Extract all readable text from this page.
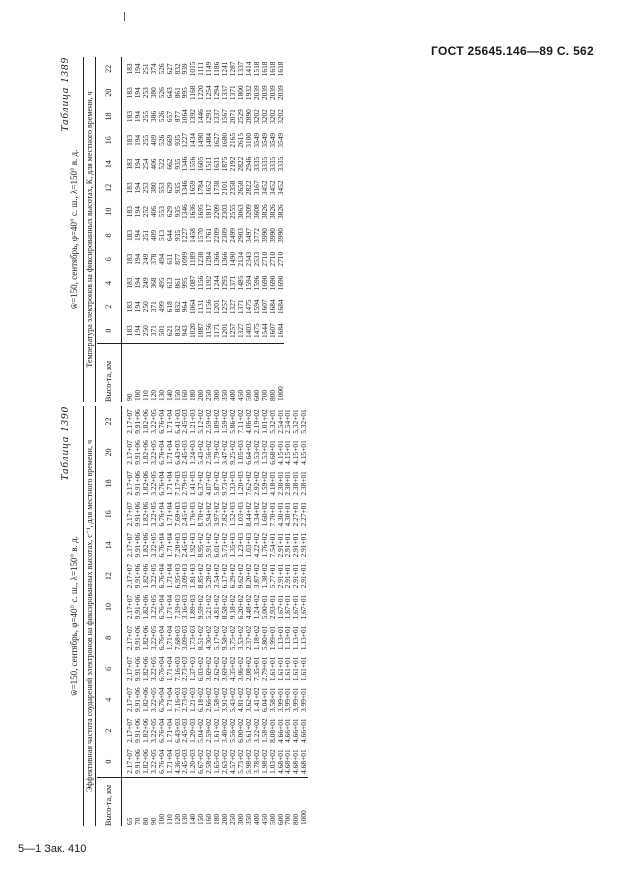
ГОСТ 25645.146—89 С. 562
Таблица 1389
w̄=150, сентябрь, φ=40° с. ш., λ=150° в. д. Температура электронов на фиксированных высотах, К, для местного времени, ч
Высо-та, км	0	2	4	6	8	10	12	14	16	18	20	22
90	183	183	183	183	183	183	183	183	183	183	183	183
100	194	194	194	194	194	194	194	194	194	194	194	194
110	250	250	249	249	251	252	253	254	255	255	253	251
120	371	371	368	378	409	406	380	406	409	386	380	374
130	501	499	495	494	513	553	553	522	526	526	526	526
140	621	618	613	611	644	629	629	662	669	657	643	627
150	832	832	861	877	935	935	935	935	935	877	861	832
160	943	964	995	1099	1227	1346	1346	1346	1227	1064	995	939
180	1020	1064	1087	1189	1458	1636	1659	1556	1434	1392	1168	1015
200	1087	1131	1156	1238	1570	1695	1784	1605	1490	1446	1220	1111
250	1156	1156	1192	1284	1761	1817	1652	1511	1484	1291	1254	1149
300	1171	1201	1244	1366	2209	2209	1738	1631	1627	1337	1294	1186
350	1201	1257	1295	1366	2309	2303	2101	1875	1680	1567	1337	1241
400	1257	1327	1371	1490	2499	2555	2358	2192	2165	2071	1371	1287
450	1327	1371	1485	2134	2903	3063	2658	2822	2615	2529	1800	1337
500	1403	1475	1594	2343	3497	3209	2822	2946	3100	2890	1932	1414
600	1475	1594	1596	2533	3772	3608	3167	3335	3549	3202	2039	1518
700	1544	1607	1690	2710	3990	3826	3452	3335	3549	3202	2039	1618
800	1607	1684	1690	2710	3990	3826	3452	3335	3549	3202	2039	1618
1000	1684	1684	1690	2710	3990	3826	3452	3335	3549	3202	2039	1618
Таблица 1390
w̄=150, сентябрь, φ=40° с. ш., λ=150° в. д. Эффективная частота соударений электронов на фиксированных высотах, с⁻¹, для местного времени, ч
Высо-та, км	0	2	4	6	8	10	12	14	16	18	20	22
65	2.17+07	2.17+07	2.17+07	2.17+07	2.17+07	2.17+07	2.17+07	2.17+07	2.17+07	2.17+07	2.17+07	2.17+07
70	9.91+06	9.91+06	9.91+06	9.91+06	9.91+06	9.91+06	9.91+06	9.91+06	9.91+06	9.91+06	9.91+06	9.91+06
80	1.82+06	1.82+06	1.82+06	1.82+06	1.82+06	1.82+06	1.82+06	1.82+06	1.82+06	1.82+06	1.82+06	1.82+06
90	3.22+05	3.22+05	3.22+05	3.22+05	3.22+05	3.22+05	3.22+05	3.22+05	3.22+05	3.22+05	3.22+05	3.22+05
100	6.76+04	6.76+04	6.76+04	6.76+04	6.76+04	6.76+04	6.76+04	6.76+04	6.76+04	6.76+04	6.76+04	6.76+04
110	1.71+04	1.71+04	1.71+04	1.71+04	1.71+04	1.71+04	1.71+04	1.71+04	1.71+04	1.71+04	1.71+04	1.71+04
120	4.36+03	6.43+03	7.16+03	7.16+03	7.68+03	7.19+03	6.95+03	7.20+03	7.69+03	7.17+03	6.43+03	6.41+03
130	2.45+03	2.45+03	2.73+03	2.73+03	3.09+03	3.16+03	3.09+03	2.45+03	2.45+03	2.79+03	2.45+03	2.45+03
140	1.20+03	1.20+03	1.21+03	1.37+03	1.73+03	1.89+03	1.81+03	1.92+03	1.76+03	1.41+03	1.24+03	1.21+03
150	6.67+02	5.04+02	6.18+02	6.03+02	8.51+02	9.59+02	8.85+02	8.95+02	8.70+02	6.37+02	5.43+02	5.12+02
160	2.58+02	2.59+02	2.66+02	3.69+02	4.30+02	5.21+02	5.28+02	5.91+02	5.94+02	4.07+02	2.56+02	2.59+02
180	1.65+02	1.61+02	1.58+02	2.62+02	5.17+02	4.81+02	3.54+02	6.01+02	3.97+02	5.87+02	1.79+02	1.89+02
200	2.63+02	3.40+02	3.91+02	3.69+02	9.58+02	8.58+02	6.17+02	5.73+02	7.82+02	9.73+02	3.47+02	1.59+02
250	4.57+02	5.56+02	5.43+02	4.35+02	5.75+02	9.18+02	6.29+02	1.35+03	1.52+03	1.33+03	9.25+02	5.86+02
300	5.73+02	6.00+02	4.81+02	3.06+02	3.53+02	6.20+02	9.62+02	1.23+03	1.03+03	1.20+03	1.05+03	7.11+02
350	5.98+02	5.61+02	3.62+02	2.08+02	2.37+02	4.48+02	8.20+02	1.03+03	8.44+02	7.62+02	6.64+02	4.06+02
400	3.78+02	3.22+02	1.41+02	7.35+01	1.18+02	1.24+02	3.87+02	4.22+02	3.34+02	2.92+02	3.53+02	2.19+02
450	1.98+02	1.58+02	6.04+01	2.79+01	5.80+01	5.00+01	1.38+02	1.76+02	1.60+02	1.59+02	1.53+02	1.01+02
500	1.03+02	8.08+01	3.58+01	1.61+01	1.99+01	2.93+01	5.77+01	7.54+01	7.70+01	4.18+01	6.68+01	5.32+01
600	4.68+01	4.66+01	3.99+01	1.61+01	1.13+01	1.67+01	2.91+01	2.91+01	4.30+01	2.38+01	4.15+01	2.54+01
700	4.68+01	4.66+01	3.99+01	1.61+01	1.13+01	1.67+01	2.91+01	2.91+01	4.30+01	2.38+01	4.15+01	2.54+01
800	4.68+01	4.66+01	3.99+01	1.61+01	1.13+01	1.67+01	2.91+01	2.91+01	2.27+01	2.38+01	4.15+01	5.32+01
1000	4.68+01	4.66+01	3.99+01	1.61+01	1.13+01	1.67+01	2.91+01	2.91+01	2.27+01	2.38+01	4.15+01	5.32+01
5—1 Зак. 410
